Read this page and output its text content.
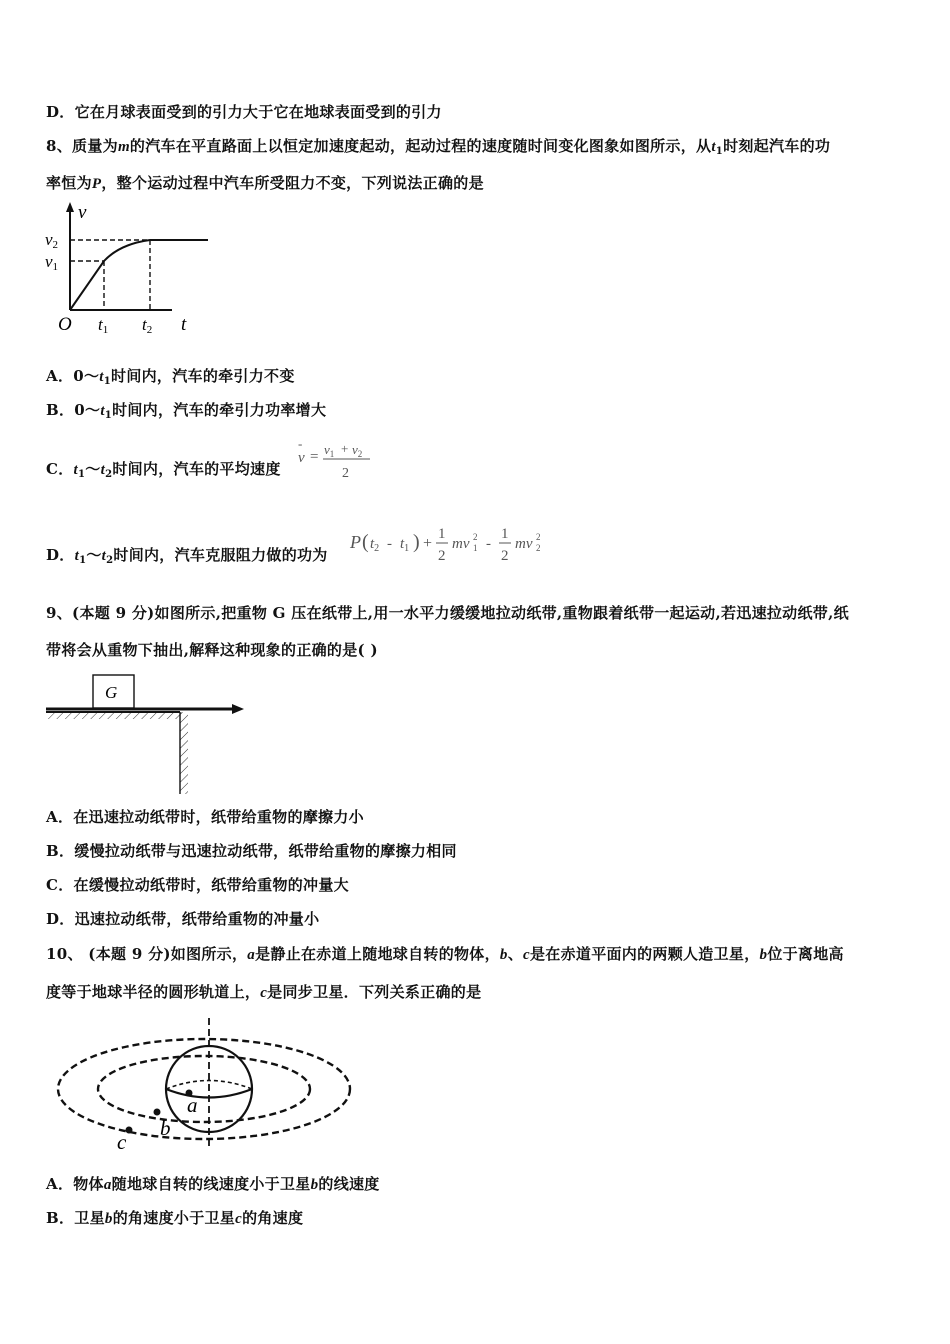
D．它在月球表面受到的引力大于它在地球表面受到的引力
8、质量为m的汽车在平直路面上以恒定加速度起动，起动过程的速度随时间变化图象如图所示，从$t_1$时刻起汽车的功
率恒为P，整个运动过程中汽车所受阻力不变，下列说法正确的是
v
t
O
v2
v1
t1 t2
A．$0\sim t_1$时间内，汽车的牵引力不变
B．$0\sim t_1$时间内，汽车的牵引力功率增大
C．$t_1\sim t_2$时间内，汽车的平均速度
-
$v = v_1 + v_2$
2
D．$t_1\sim t_2$时间内，汽车克服阻力做的功为
P ( $t_2 - t_1$ ) +
1
2
mv 2
1 -
1
2
mv 2
2
9、(本题 9 分)如图所示,把重物 G 压在纸带上,用一水平力缓缓地拉动纸带,重物跟着纸带一起运动,若迅速拉动纸带,纸
带将会从重物下抽出,解释这种现象的正确的是( )
G
A．在迅速拉动纸带时，纸带给重物的摩擦力小
B．缓慢拉动纸带与迅速拉动纸带，纸带给重物的摩擦力相同
C．在缓慢拉动纸带时，纸带给重物的冲量大
D．迅速拉动纸带，纸带给重物的冲量小
10、 (本题 9 分)如图所示，a是静止在赤道上随地球自转的物体，b、c是在赤道平面内的两颗人造卫星，b位于离地高
度等于地球半径的圆形轨道上，c是同步卫星．下列关系正确的是
a
b
c
A．物体a随地球自转的线速度小于卫星b的线速度
B．卫星b的角速度小于卫星c的角速度
